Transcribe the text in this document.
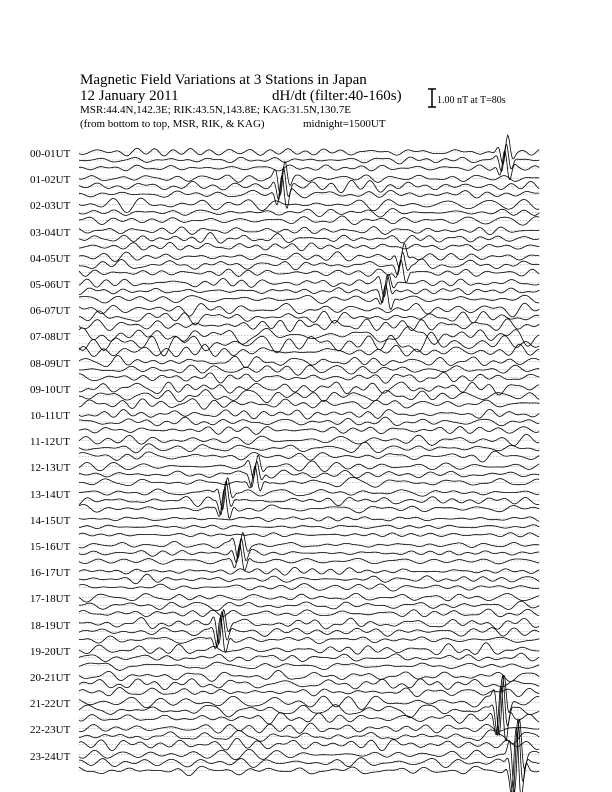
Magnetic Field Variations at 3 Stations in Japan
12 January 2011	dH/dt (filter:40-160s)
MSR:44.4N,142.3E; RIK:43.5N,143.8E; KAG:31.5N,130.7E
(from bottom to top, MSR, RIK, & KAG)	midnight=1500UT
1.00 nT at T=80s
00-01UT
01-02UT
02-03UT
03-04UT
04-05UT
05-06UT
06-07UT
07-08UT
08-09UT
09-10UT
10-11UT
11-12UT
12-13UT
13-14UT
14-15UT
15-16UT
16-17UT
17-18UT
18-19UT
19-20UT
20-21UT
21-22UT
22-23UT
23-24UT
